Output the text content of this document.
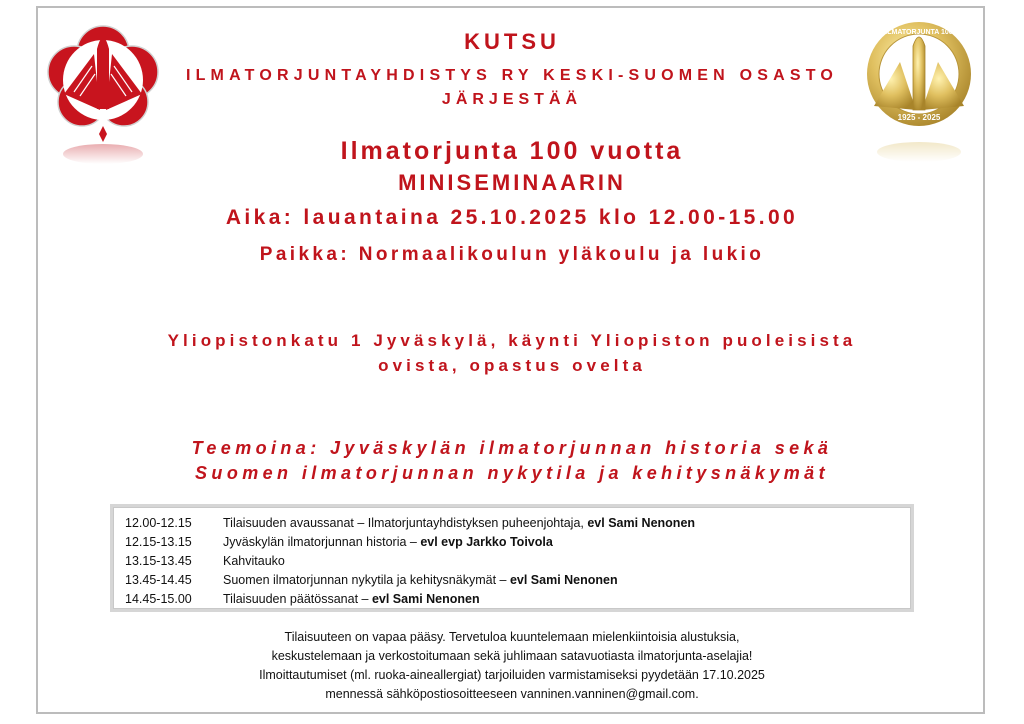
ILMATORJUNTA 100
1925 - 2025
KUTSU
ILMATORJUNTAYHDISTYS RY KESKI-SUOMEN OSASTO
JÄRJESTÄÄ
Ilmatorjunta 100 vuotta
MINISEMINAARIN
Aika: lauantaina 25.10.2025 klo 12.00-15.00
Paikka: Normaalikoulun yläkoulu ja lukio
Yliopistonkatu 1 Jyväskylä, käynti Yliopiston puoleisista
ovista, opastus ovelta
Teemoina: Jyväskylän ilmatorjunnan historia sekä
Suomen ilmatorjunnan nykytila ja kehitysnäkymät
12.00-12.15	Tilaisuuden avaussanat – Ilmatorjuntayhdistyksen puheenjohtaja, evl Sami Nenonen
12.15-13.15	Jyväskylän ilmatorjunnan historia – evl evp Jarkko Toivola
13.15-13.45	Kahvitauko
13.45-14.45	Suomen ilmatorjunnan nykytila ja kehitysnäkymät – evl Sami Nenonen
14.45-15.00	Tilaisuuden päätössanat – evl Sami Nenonen
Tilaisuuteen on vapaa pääsy. Tervetuloa kuuntelemaan mielenkiintoisia alustuksia,
keskustelemaan ja verkostoitumaan sekä juhlimaan satavuotiasta ilmatorjunta-aselajia!
Ilmoittautumiset (ml. ruoka-aineallergiat) tarjoiluiden varmistamiseksi pyydetään 17.10.2025
mennessä sähköpostiosoitteeseen vanninen.vanninen@gmail.com.
